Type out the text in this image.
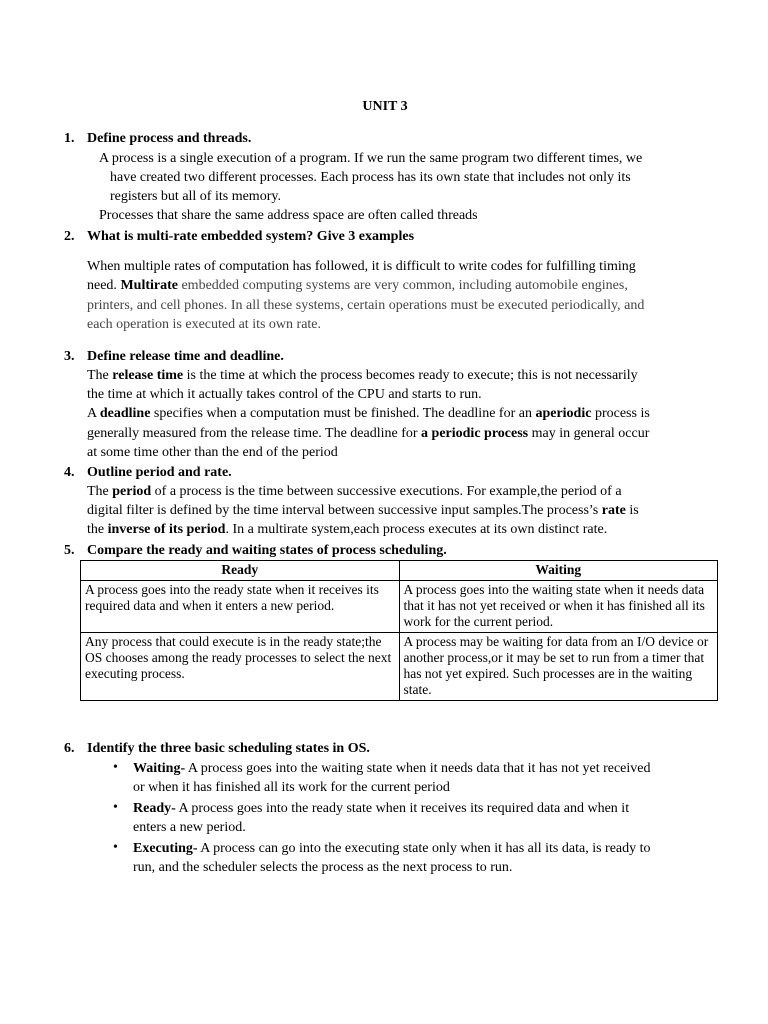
UNIT 3
1. Define process and threads.
A process is a single execution of a program. If we run the same program two different times, we
have created two different processes. Each process has its own state that includes not only its
registers but all of its memory.
Processes that share the same address space are often called threads
2. What is multi-rate embedded system? Give 3 examples
When multiple rates of computation has followed, it is difficult to write codes for fulfilling timing
need. Multirate embedded computing systems are very common, including automobile engines,
printers, and cell phones. In all these systems, certain operations must be executed periodically, and
each operation is executed at its own rate.
3. Define release time and deadline.
The release time is the time at which the process becomes ready to execute; this is not necessarily
the time at which it actually takes control of the CPU and starts to run.
A deadline specifies when a computation must be finished. The deadline for an aperiodic process is
generally measured from the release time. The deadline for a periodic process may in general occur
at some time other than the end of the period
4. Outline period and rate.
The period of a process is the time between successive executions. For example,the period of a
digital filter is defined by the time interval between successive input samples.The process’s rate is
the inverse of its period. In a multirate system,each process executes at its own distinct rate.
5. Compare the ready and waiting states of process scheduling.
Ready	Waiting
A process goes into the ready state when it receives its required data and when it enters a new period.	A process goes into the waiting state when it needs data that it has not yet received or when it has finished all its work for the current period.
Any process that could execute is in the ready state;the OS chooses among the ready processes to select the next executing process.	A process may be waiting for data from an I/O device or another process,or it may be set to run from a timer that has not yet expired. Such processes are in the waiting state.
6. Identify the three basic scheduling states in OS.
• Waiting- A process goes into the waiting state when it needs data that it has not yet received
or when it has finished all its work for the current period
• Ready- A process goes into the ready state when it receives its required data and when it
enters a new period.
• Executing- A process can go into the executing state only when it has all its data, is ready to
run, and the scheduler selects the process as the next process to run.
